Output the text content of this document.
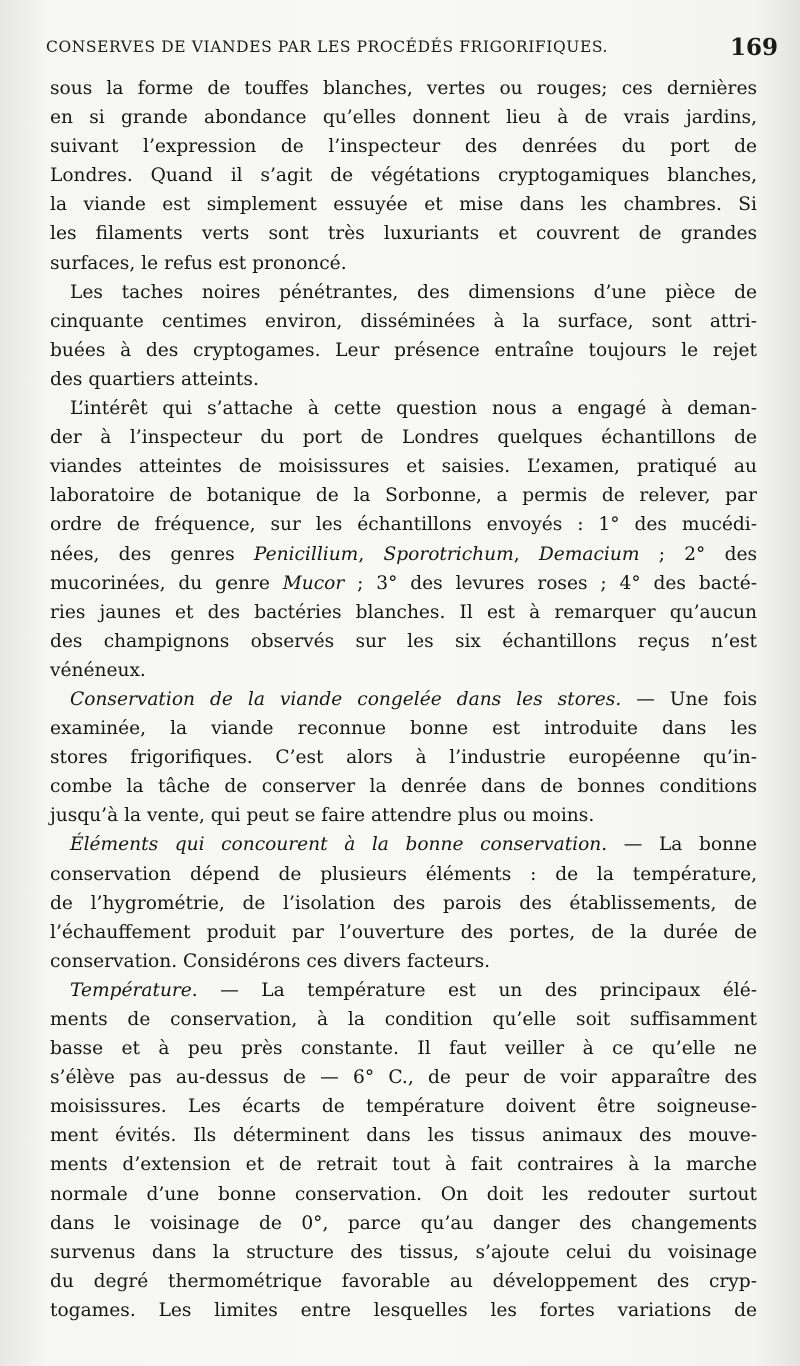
CONSERVES DE VIANDES PAR LES PROCÉDÉS FRIGORIFIQUES.	169
sous la forme de touffes blanches, vertes ou rouges; ces dernières
en si grande abondance qu’elles donnent lieu à de vrais jardins,
suivant l’expression de l’inspecteur des denrées du port de
Londres. Quand il s’agit de végétations cryptogamiques blanches,
la viande est simplement essuyée et mise dans les chambres. Si
les filaments verts sont très luxuriants et couvrent de grandes
surfaces, le refus est prononcé.
Les taches noires pénétrantes, des dimensions d’une pièce de
cinquante centimes environ, disséminées à la surface, sont attri-
buées à des cryptogames. Leur présence entraîne toujours le rejet
des quartiers atteints.
L’intérêt qui s’attache à cette question nous a engagé à deman-
der à l’inspecteur du port de Londres quelques échantillons de
viandes atteintes de moisissures et saisies. L’examen, pratiqué au
laboratoire de botanique de la Sorbonne, a permis de relever, par
ordre de fréquence, sur les échantillons envoyés : 1° des mucédi-
nées, des genres Penicillium, Sporotrichum, Demacium ; 2° des
mucorinées, du genre Mucor ; 3° des levures roses ; 4° des bacté-
ries jaunes et des bactéries blanches. Il est à remarquer qu’aucun
des champignons observés sur les six échantillons reçus n’est
vénéneux.
Conservation de la viande congelée dans les stores. — Une fois
examinée, la viande reconnue bonne est introduite dans les
stores frigorifiques. C’est alors à l’industrie européenne qu’in-
combe la tâche de conserver la denrée dans de bonnes conditions
jusqu’à la vente, qui peut se faire attendre plus ou moins.
Éléments qui concourent à la bonne conservation. — La bonne
conservation dépend de plusieurs éléments : de la température,
de l’hygrométrie, de l’isolation des parois des établissements, de
l’échauffement produit par l’ouverture des portes, de la durée de
conservation. Considérons ces divers facteurs.
Température. — La température est un des principaux élé-
ments de conservation, à la condition qu’elle soit suffisamment
basse et à peu près constante. Il faut veiller à ce qu’elle ne
s’élève pas au-dessus de — 6° C., de peur de voir apparaître des
moisissures. Les écarts de température doivent être soigneuse-
ment évités. Ils déterminent dans les tissus animaux des mouve-
ments d’extension et de retrait tout à fait contraires à la marche
normale d’une bonne conservation. On doit les redouter surtout
dans le voisinage de 0°, parce qu’au danger des changements
survenus dans la structure des tissus, s’ajoute celui du voisinage
du degré thermométrique favorable au développement des cryp-
togames. Les limites entre lesquelles les fortes variations de
